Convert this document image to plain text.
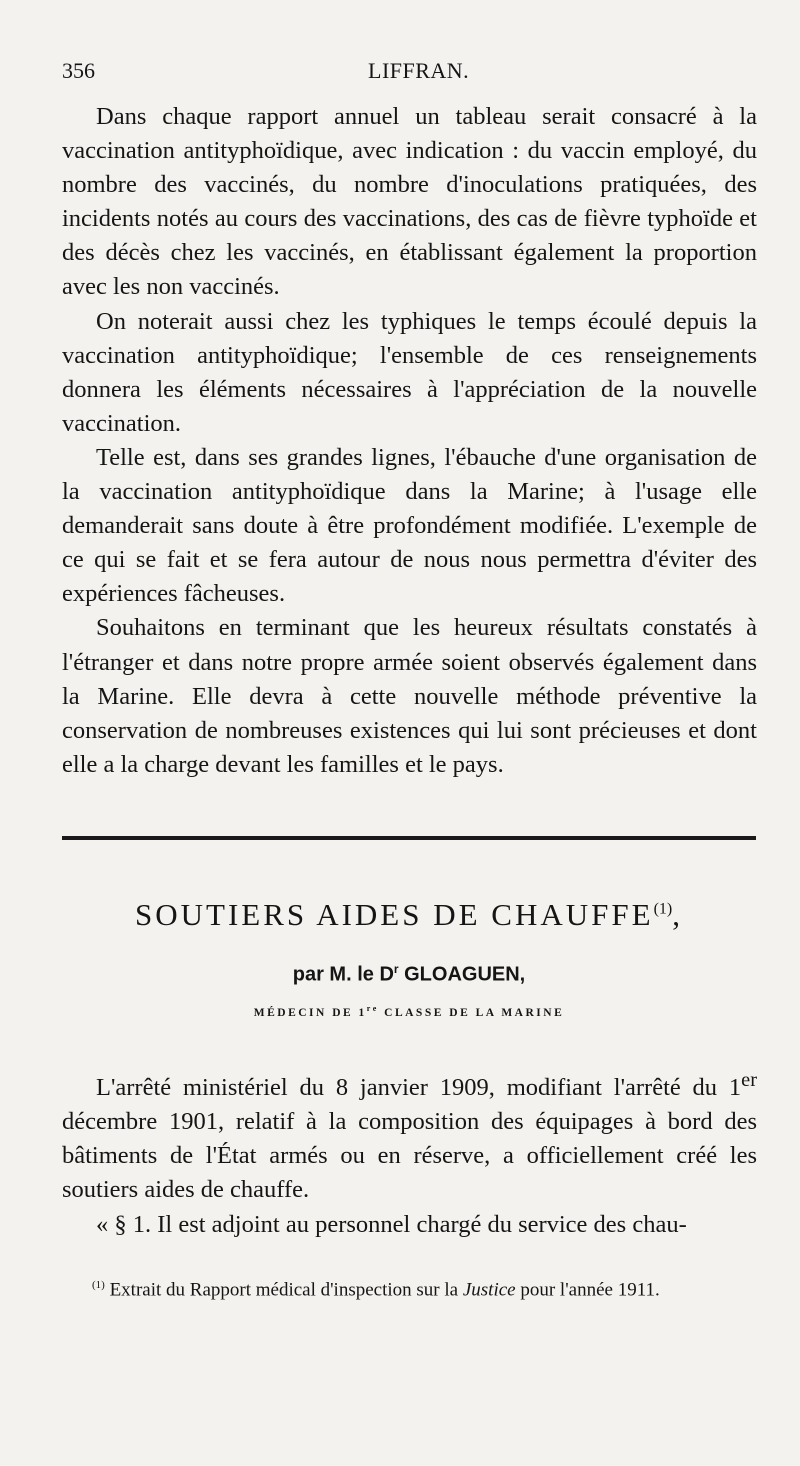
356	LIFFRAN.

Dans chaque rapport annuel un tableau serait consacré à la vaccination antityphoïdique, avec indication : du vaccin employé, du nombre des vaccinés, du nombre d'inoculations pratiquées, des incidents notés au cours des vaccinations, des cas de fièvre typhoïde et des décès chez les vaccinés, en établissant également la proportion avec les non vaccinés.

On noterait aussi chez les typhiques le temps écoulé depuis la vaccination antityphoïdique; l'ensemble de ces renseignements donnera les éléments nécessaires à l'appréciation de la nouvelle vaccination.

Telle est, dans ses grandes lignes, l'ébauche d'une organisation de la vaccination antityphoïdique dans la Marine; à l'usage elle demanderait sans doute à être profondément modifiée. L'exemple de ce qui se fait et se fera autour de nous nous permettra d'éviter des expériences fâcheuses.

Souhaitons en terminant que les heureux résultats constatés à l'étranger et dans notre propre armée soient observés également dans la Marine. Elle devra à cette nouvelle méthode préventive la conservation de nombreuses existences qui lui sont précieuses et dont elle a la charge devant les familles et le pays.

SOUTIERS AIDES DE CHAUFFE$^{(1)}$,
par M. le $D^r$ GLOAGUEN,
MÉDECIN DE 1re CLASSE DE LA MARINE

L'arrêté ministériel du 8 janvier 1909, modifiant l'arrêté du 1er décembre 1901, relatif à la composition des équipages à bord des bâtiments de l'État armés ou en réserve, a officiellement créé les soutiers aides de chauffe.

« § 1. Il est adjoint au personnel chargé du service des chau-

$^{(1)}$ Extrait du Rapport médical d'inspection sur la Justice pour l'année 1911.
